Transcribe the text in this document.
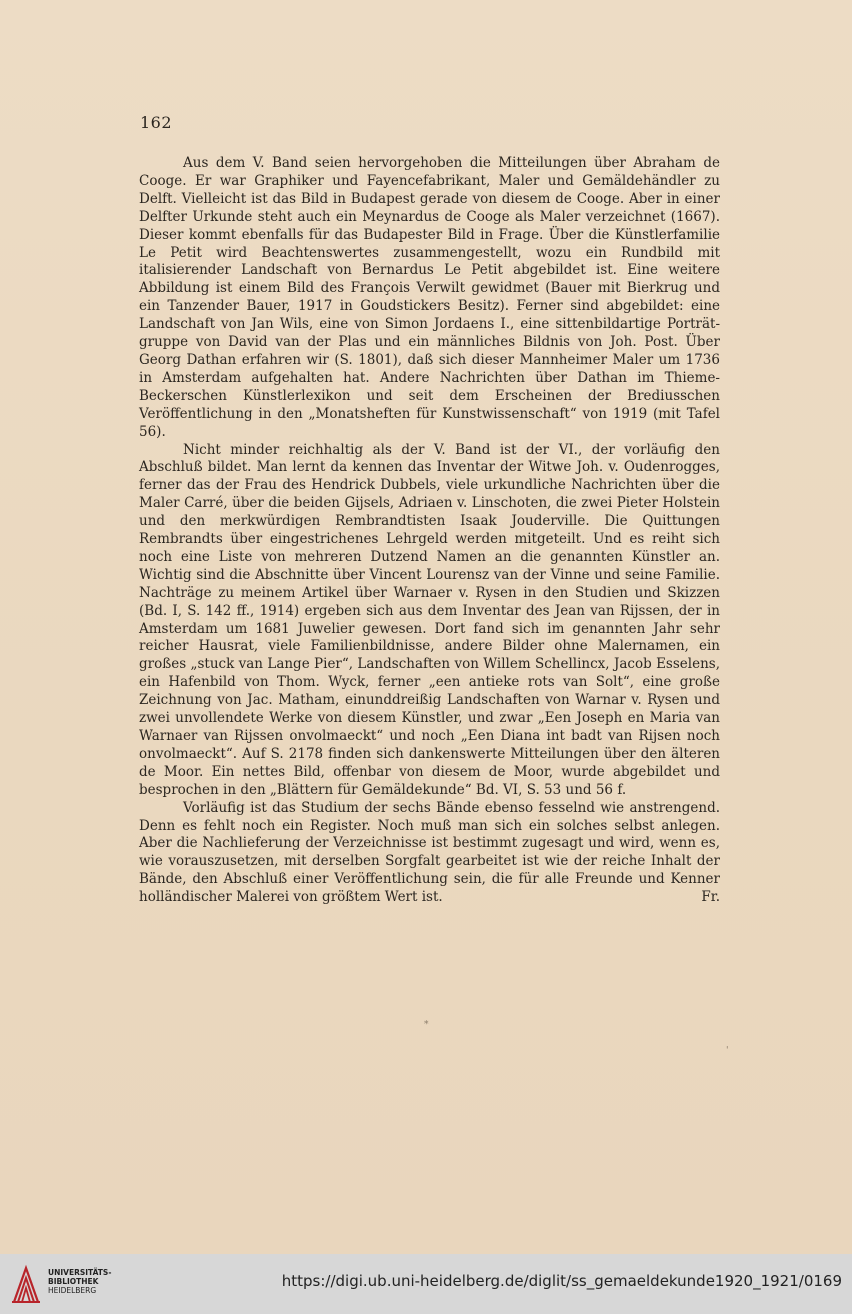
162

Aus dem V. Band seien hervorgehoben die Mitteilungen über Abraham de Cooge. Er war Graphiker und Fayencefabrikant, Maler und Gemäldehändler zu Delft. Vielleicht ist das Bild in Budapest gerade von diesem de Cooge. Aber in einer Delfter Urkunde steht auch ein Meynardus de Cooge als Maler verzeichnet (1667). Dieser kommt ebenfalls für das Budapester Bild in Frage. Über die Künstlerfamilie Le Petit wird Beachtenswertes zusammengestellt, wozu ein Rundbild mit italisierender Landschaft von Bernardus Le Petit abgebildet ist. Eine weitere Abbildung ist einem Bild des François Verwilt gewidmet (Bauer mit Bierkrug und ein Tanzender Bauer, 1917 in Goudstickers Besitz). Ferner sind abgebildet: eine Landschaft von Jan Wils, eine von Simon Jordaens I., eine sittenbildartige Porträtgruppe von David van der Plas und ein männliches Bildnis von Joh. Post. Über Georg Dathan erfahren wir (S. 1801), daß sich dieser Mannheimer Maler um 1736 in Amsterdam aufgehalten hat. Andere Nachrichten über Dathan im Thieme-Beckerschen Künstlerlexikon und seit dem Erscheinen der Brediusschen Veröffentlichung in den „Monatsheften für Kunstwissenschaft“ von 1919 (mit Tafel 56).

Nicht minder reichhaltig als der V. Band ist der VI., der vorläufig den Abschluß bildet. Man lernt da kennen das Inventar der Witwe Joh. v. Oudenrogges, ferner das der Frau des Hendrick Dubbels, viele urkundliche Nachrichten über die Maler Carré, über die beiden Gijsels, Adriaen v. Linschoten, die zwei Pieter Holstein und den merkwürdigen Rembrandtisten Isaak Jouderville. Die Quittungen Rembrandts über eingestrichenes Lehrgeld werden mitgeteilt. Und es reiht sich noch eine Liste von mehreren Dutzend Namen an die genannten Künstler an. Wichtig sind die Abschnitte über Vincent Lourensz van der Vinne und seine Familie. Nachträge zu meinem Artikel über Warnaer v. Rysen in den Studien und Skizzen (Bd. I, S. 142 ff., 1914) ergeben sich aus dem Inventar des Jean van Rijssen, der in Amsterdam um 1681 Juwelier gewesen. Dort fand sich im genannten Jahr sehr reicher Hausrat, viele Familienbildnisse, andere Bilder ohne Malernamen, ein großes „stuck van Lange Pier“, Landschaften von Willem Schellincx, Jacob Esselens, ein Hafenbild von Thom. Wyck, ferner „een antieke rots van Solt“, eine große Zeichnung von Jac. Matham, einunddreißig Landschaften von Warnar v. Rysen und zwei unvollendete Werke von diesem Künstler, und zwar „Een Joseph en Maria van Warnaer van Rijssen onvolmaeckt“ und noch „Een Diana int badt van Rijsen noch onvolmaeckt“. Auf S. 2178 finden sich dankenswerte Mitteilungen über den älteren de Moor. Ein nettes Bild, offenbar von diesem de Moor, wurde abgebildet und besprochen in den „Blättern für Gemäldekunde“ Bd. VI, S. 53 und 56 f.

Vorläufig ist das Studium der sechs Bände ebenso fesselnd wie anstrengend. Denn es fehlt noch ein Register. Noch muß man sich ein solches selbst anlegen. Aber die Nachlieferung der Verzeichnisse ist bestimmt zugesagt und wird, wenn es, wie vorauszusetzen, mit derselben Sorgfalt gearbeitet ist wie der reiche Inhalt der Bände, den Abschluß einer Veröffentlichung sein, die für alle Freunde und Kenner holländischer Malerei von größtem Wert ist.	Fr.

*
'
UNIVERSITÄTS-
BIBLIOTHEK
HEIDELBERG
https://digi.ub.uni-heidelberg.de/diglit/ss_gemaeldekunde1920_1921/0169
